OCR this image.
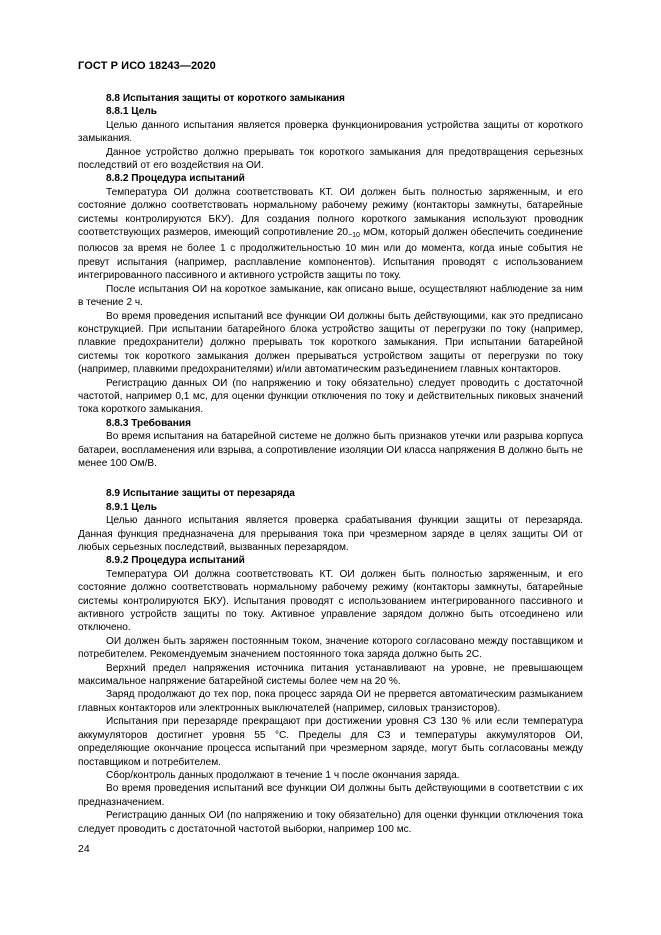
ГОСТ Р ИСО 18243—2020

8.8 Испытания защиты от короткого замыкания

8.8.1 Цель

Целью данного испытания является проверка функционирования устройства защиты от короткого замыкания.

Данное устройство должно прерывать ток короткого замыкания для предотвращения серьезных последствий от его воздействия на ОИ.

8.8.2 Процедура испытаний

Температура ОИ должна соответствовать КТ. ОИ должен быть полностью заряженным, и его состояние должно соответствовать нормальному рабочему режиму (контакторы замкнуты, батарейные системы контролируются БКУ). Для создания полного короткого замыкания используют проводник соответствующих размеров, имеющий сопротивление $20_{-10}$ мОм, который должен обеспечить соединение полюсов за время не более 1 с продолжительностью 10 мин или до момента, когда иные события не превут испытания (например, расплавление компонентов). Испытания проводят с использованием интегрированного пассивного и активного устройств защиты по току.

После испытания ОИ на короткое замыкание, как описано выше, осуществляют наблюдение за ним в течение 2 ч.

Во время проведения испытаний все функции ОИ должны быть действующими, как это предписано конструкцией. При испытании батарейного блока устройство защиты от перегрузки по току (например, плавкие предохранители) должно прерывать ток короткого замыкания. При испытании батарейной системы ток короткого замыкания должен прерываться устройством защиты от перегрузки по току (например, плавкими предохранителями) и/или автоматическим разъединением главных контакторов.

Регистрацию данных ОИ (по напряжению и току обязательно) следует проводить с достаточной частотой, например 0,1 мс, для оценки функции отключения по току и действительных пиковых значений тока короткого замыкания.

8.8.3 Требования

Во время испытания на батарейной системе не должно быть признаков утечки или разрыва корпуса батареи, воспламенения или взрыва, а сопротивление изоляции ОИ класса напряжения В должно быть не менее 100 Ом/В.

8.9 Испытание защиты от перезаряда

8.9.1 Цель

Целью данного испытания является проверка срабатывания функции защиты от перезаряда. Данная функция предназначена для прерывания тока при чрезмерном заряде в целях защиты ОИ от любых серьезных последствий, вызванных перезарядом.

8.9.2 Процедура испытаний

Температура ОИ должна соответствовать КТ. ОИ должен быть полностью заряженным, и его состояние должно соответствовать нормальному рабочему режиму (контакторы замкнуты, батарейные системы контролируются БКУ). Испытания проводят с использованием интегрированного пассивного и активного устройств защиты по току. Активное управление зарядом должно быть отсоединено или отключено.

ОИ должен быть заряжен постоянным током, значение которого согласовано между поставщиком и потребителем. Рекомендуемым значением постоянного тока заряда должно быть 2С.

Верхний предел напряжения источника питания устанавливают на уровне, не превышающем максимальное напряжение батарейной системы более чем на 20 %.

Заряд продолжают до тех пор, пока процесс заряда ОИ не прервется автоматическим размыканием главных контакторов или электронных выключателей (например, силовых транзисторов).

Испытания при перезаряде прекращают при достижении уровня СЗ 130 % или если температура аккумуляторов достигнет уровня 55 °С. Пределы для СЗ и температуры аккумуляторов ОИ, определяющие окончание процесса испытаний при чрезмерном заряде, могут быть согласованы между поставщиком и потребителем.

Сбор/контроль данных продолжают в течение 1 ч после окончания заряда.

Во время проведения испытаний все функции ОИ должны быть действующими в соответствии с их предназначением.

Регистрацию данных ОИ (по напряжению и току обязательно) для оценки функции отключения тока следует проводить с достаточной частотой выборки, например 100 мс.

24
